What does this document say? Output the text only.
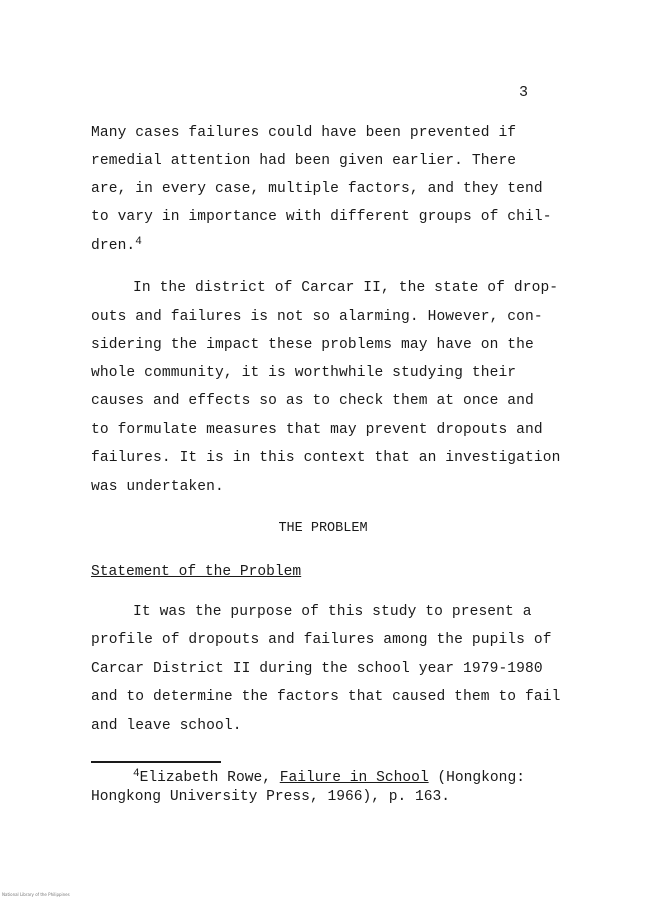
3
Many cases failures could have been prevented if
remedial attention had been given earlier. There
are, in every case, multiple factors, and they tend
to vary in importance with different groups of chil-
dren.$^4$
In the district of Carcar II, the state of drop-
outs and failures is not so alarming. However, con-
sidering the impact these problems may have on the
whole community, it is worthwhile studying their
causes and effects so as to check them at once and
to formulate measures that may prevent dropouts and
failures. It is in this context that an investigation
was undertaken.
THE PROBLEM
Statement of the Problem
It was the purpose of this study to present a
profile of dropouts and failures among the pupils of
Carcar District II during the school year 1979-1980
and to determine the factors that caused them to fail
and leave school.
$^4$Elizabeth Rowe, Failure in School (Hongkong:
Hongkong University Press, 1966), p. 163.
National Library of the Philippines
